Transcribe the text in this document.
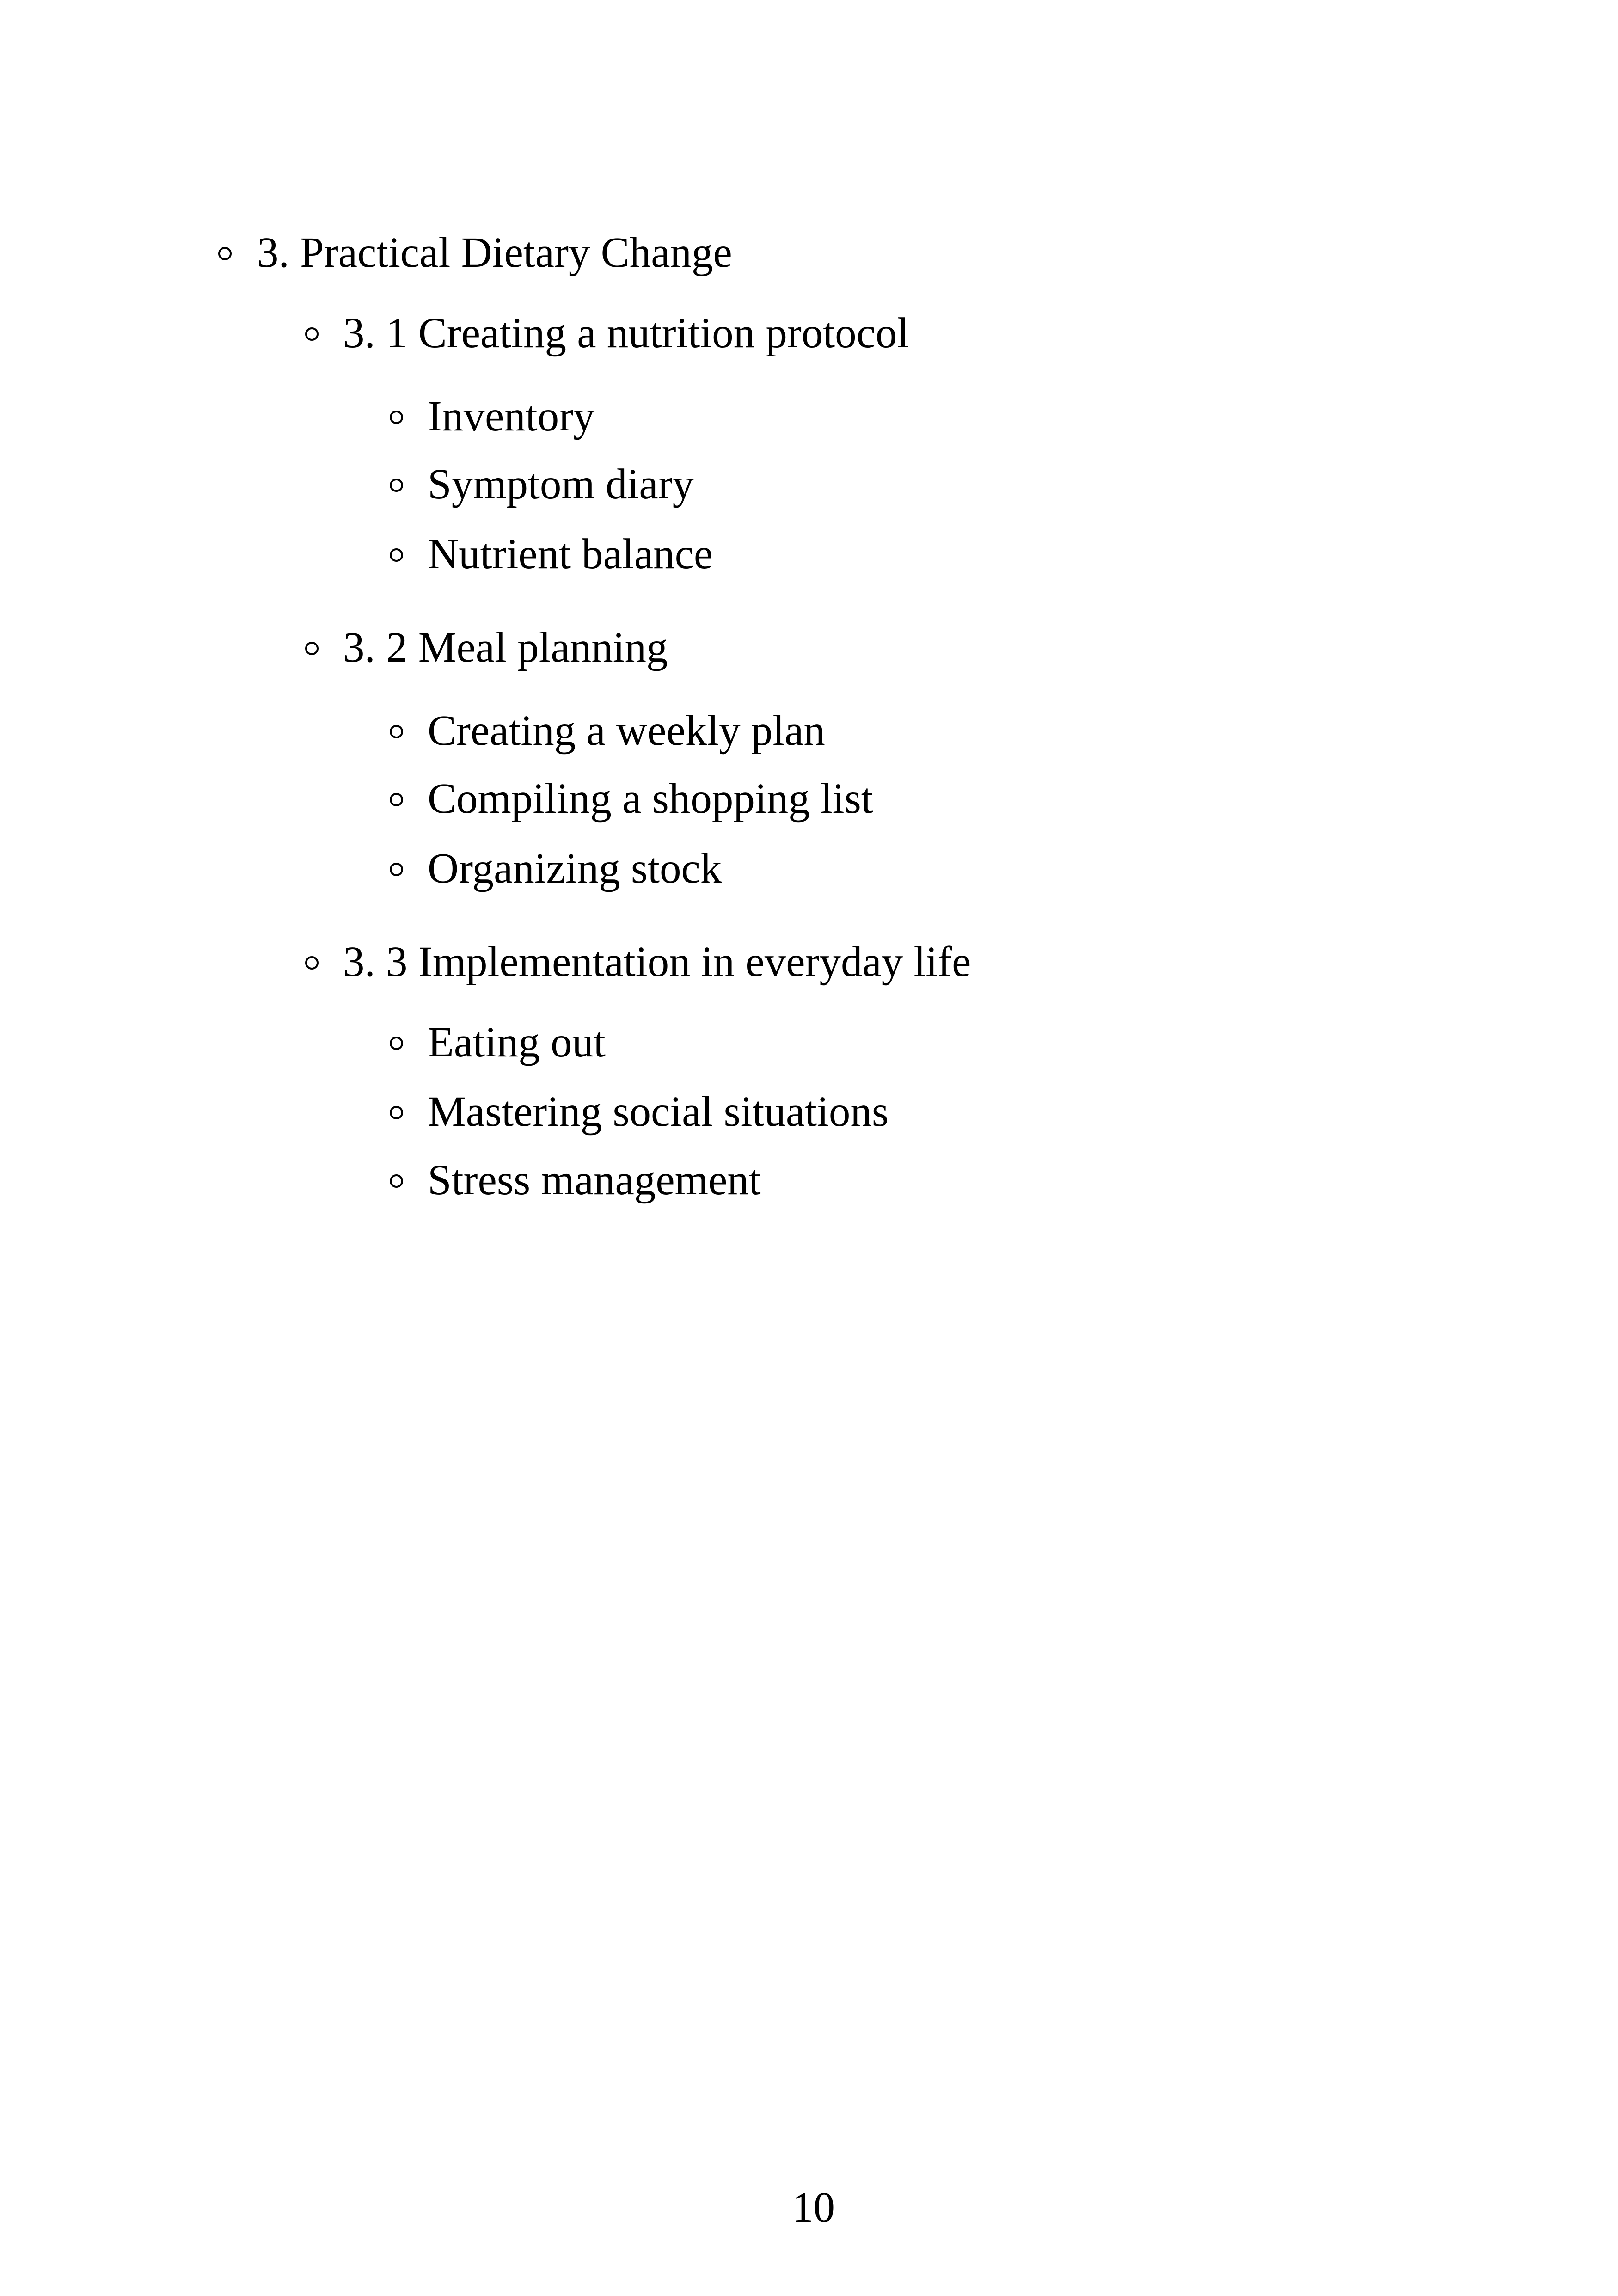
3. Practical Dietary Change
3. 1 Creating a nutrition protocol
Inventory
Symptom diary
Nutrient balance
3. 2 Meal planning
Creating a weekly plan
Compiling a shopping list
Organizing stock
3. 3 Implementation in everyday life
Eating out
Mastering social situations
Stress management
10
